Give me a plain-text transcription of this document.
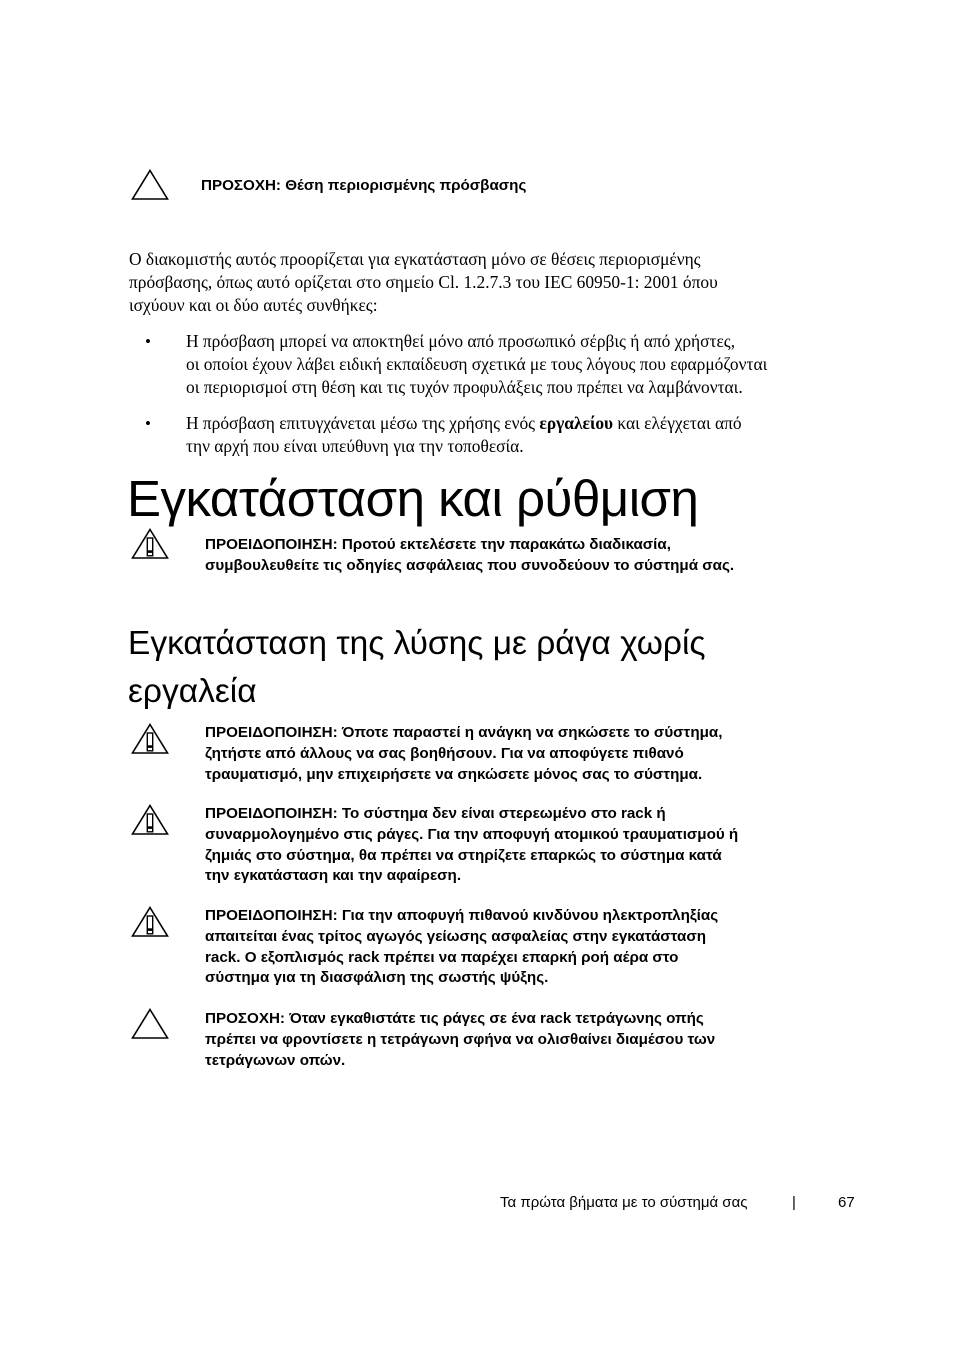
ΠΡΟΣΟΧΗ: Θέση περιορισμένης πρόσβασης
Ο διακομιστής αυτός προορίζεται για εγκατάσταση μόνο σε θέσεις περιορισμένης
πρόσβασης, όπως αυτό ορίζεται στο σημείο Cl. 1.2.7.3 του IEC 60950-1: 2001 όπου
ισχύουν και οι δύο αυτές συνθήκες:
• Η πρόσβαση μπορεί να αποκτηθεί μόνο από προσωπικό σέρβις ή από χρήστες,
οι οποίοι έχουν λάβει ειδική εκπαίδευση σχετικά με τους λόγους που εφαρμόζονται
οι περιορισμοί στη θέση και τις τυχόν προφυλάξεις που πρέπει να λαμβάνονται.
• Η πρόσβαση επιτυγχάνεται μέσω της χρήσης ενός εργαλείου και ελέγχεται από
την αρχή που είναι υπεύθυνη για την τοποθεσία.
Εγκατάσταση και ρύθμιση
ΠΡΟΕΙΔΟΠΟΙΗΣΗ: Προτού εκτελέσετε την παρακάτω διαδικασία,
συμβουλευθείτε τις οδηγίες ασφάλειας που συνοδεύουν το σύστημά σας.
Εγκατάσταση της λύσης με ράγα χωρίς
εργαλεία
ΠΡΟΕΙΔΟΠΟΙΗΣΗ: Όποτε παραστεί η ανάγκη να σηκώσετε το σύστημα,
ζητήστε από άλλους να σας βοηθήσουν. Για να αποφύγετε πιθανό
τραυματισμό, μην επιχειρήσετε να σηκώσετε μόνος σας το σύστημα.
ΠΡΟΕΙΔΟΠΟΙΗΣΗ: Το σύστημα δεν είναι στερεωμένο στο rack ή
συναρμολογημένο στις ράγες. Για την αποφυγή ατομικού τραυματισμού ή
ζημιάς στο σύστημα, θα πρέπει να στηρίζετε επαρκώς το σύστημα κατά
την εγκατάσταση και την αφαίρεση.
ΠΡΟΕΙΔΟΠΟΙΗΣΗ: Για την αποφυγή πιθανού κινδύνου ηλεκτροπληξίας
απαιτείται ένας τρίτος αγωγός γείωσης ασφαλείας στην εγκατάσταση
rack. Ο εξοπλισμός rack πρέπει να παρέχει επαρκή ροή αέρα στο
σύστημα για τη διασφάλιση της σωστής ψύξης.
ΠΡΟΣΟΧΗ: Όταν εγκαθιστάτε τις ράγες σε ένα rack τετράγωνης οπής
πρέπει να φροντίσετε η τετράγωνη σφήνα να ολισθαίνει διαμέσου των
τετράγωνων οπών.
Τα πρώτα βήματα με το σύστημά σας	|	67
